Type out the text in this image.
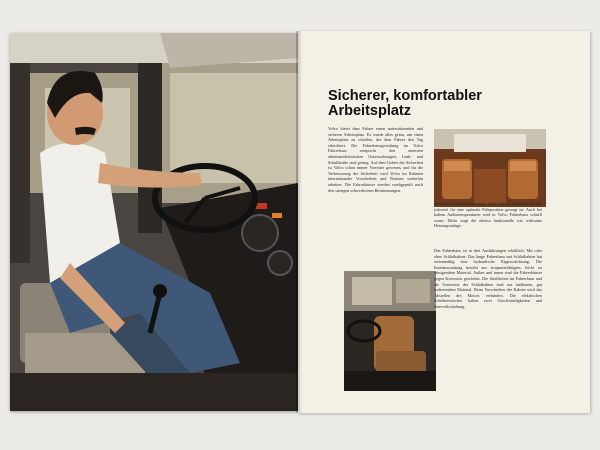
Sicherer, komfortabler
Arbeitsplatz

Volvo bietet dem Fahrer einen unterstützenden und sicheren Arbeitsplatz. Es wurde alles getan, um einen Arbeitsplatz zu schaffen, der dem Fahrer den Tag erleichtert. Die Fahrerhausgestaltung im Volvo Fahrerhaus entspricht den neuesten arbeitsmedizinischen Untersuchungen, Lenk- und Schaltkräfte sind gering. Auf dem Gebiet der Sicherheit ist Volvo schon immer Vorreiter gewesen, und für die Verbesserung der Sicherheit wird Volvo im Rahmen internationaler Vorschriften und Normen weiterhin arbeiten. Die Fahrerhäuser werden crashgeprüft nach den strengen schwedischen Bestimmungen.

täterlichen Körperstellen eines jeden Fahrers einstellen, so daß jederzeit für eine optimale Fahrposition gesorgt ist. Auch bei kaltem Außentemperaturen wird in Volvo Fahrerhaus schnell warm. Dafür sorgt die ebenso funktionelle wie wirksame Heizungsanlage.

Das Fahrerhaus ist in drei Ausführungen erhältlich: Mit oder ohne Schlafkabine. Das lange Fahrerhaus mit Schlafkabine hat serienmäßig eine hydraulische Kippvorrichtung. Die Innenausstattung besteht aus strapazierfähigem, leicht zu reinigendem Material. Außen und innen sind die Fahrerhäuser gegen Korrosion geschützt. Die Sitzflächen im Fahrerhaus und die Unterseite der Schlafkabine sind aus haltbarem, gut isolierendem Material. Beim Vorschieben der Kabine wird das Abstellen des Motors verhindert. Die elektrischen Scheibenwischer haben zwei Geschwindigkeiten und Intervallschaltung.
